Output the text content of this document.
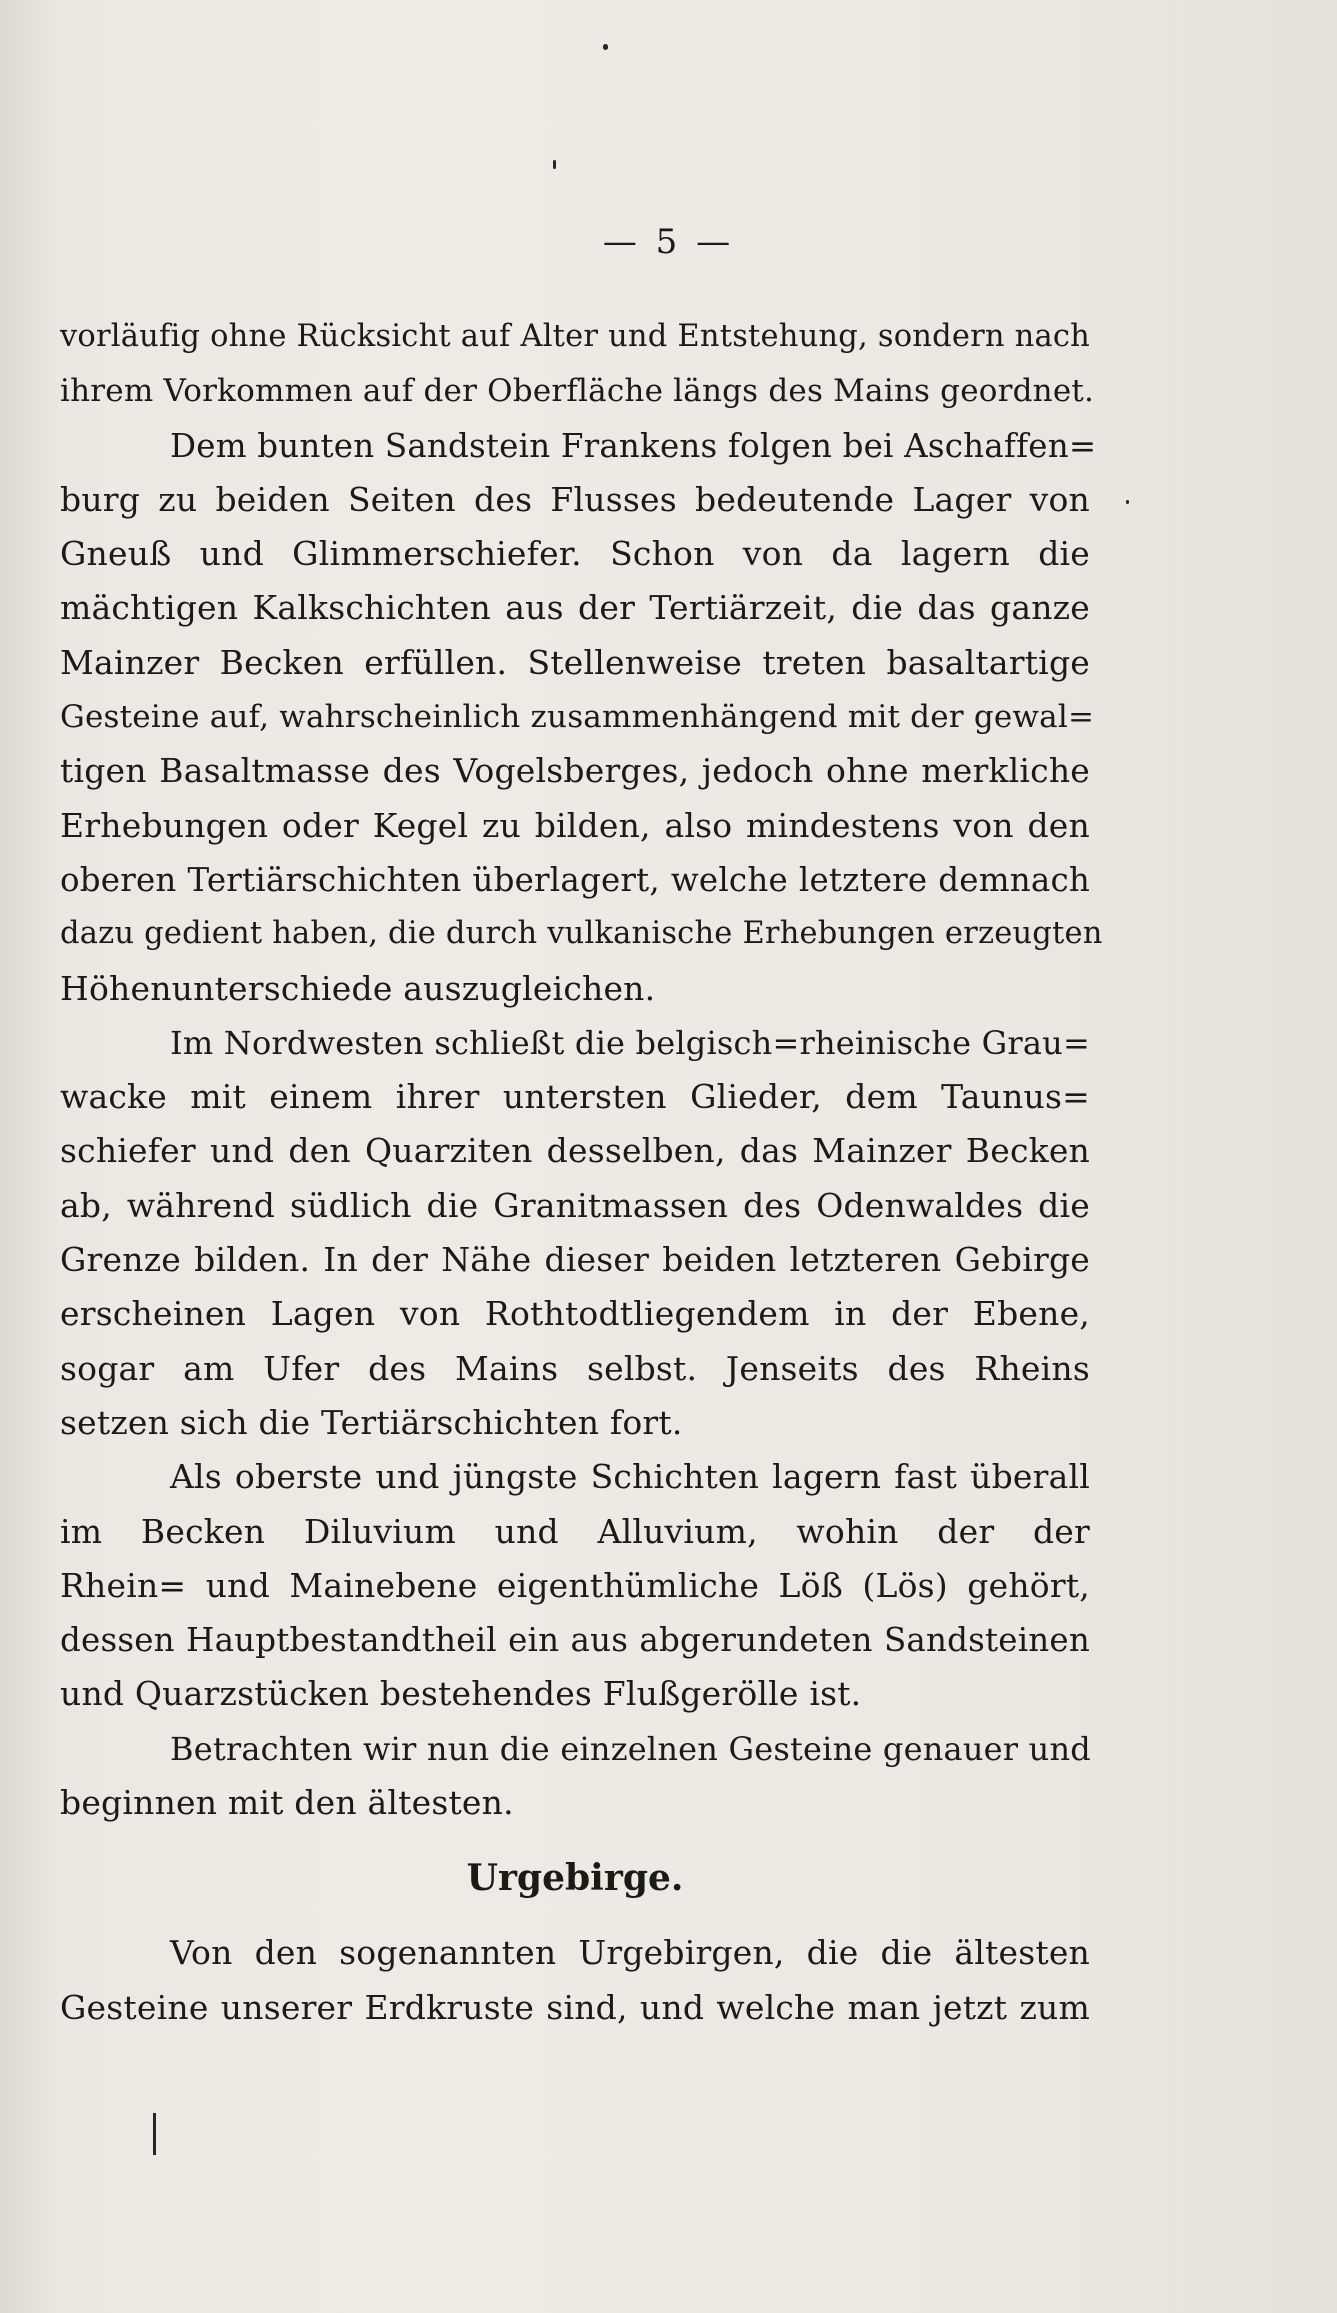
— 5 —
vorläufig ohne Rücksicht auf Alter und Entstehung, sondern nach
ihrem Vorkommen auf der Oberfläche längs des Mains geordnet.
Dem bunten Sandstein Frankens folgen bei Aschaffen=
burg zu beiden Seiten des Flusses bedeutende Lager von
Gneuß und Glimmerschiefer. Schon von da lagern die
mächtigen Kalkschichten aus der Tertiärzeit, die das ganze
Mainzer Becken erfüllen. Stellenweise treten basaltartige
Gesteine auf, wahrscheinlich zusammenhängend mit der gewal=
tigen Basaltmasse des Vogelsberges, jedoch ohne merkliche
Erhebungen oder Kegel zu bilden, also mindestens von den
oberen Tertiärschichten überlagert, welche letztere demnach
dazu gedient haben, die durch vulkanische Erhebungen erzeugten
Höhenunterschiede auszugleichen.
Im Nordwesten schließt die belgisch=rheinische Grau=
wacke mit einem ihrer untersten Glieder, dem Taunus=
schiefer und den Quarziten desselben, das Mainzer Becken
ab, während südlich die Granitmassen des Odenwaldes die
Grenze bilden. In der Nähe dieser beiden letzteren Gebirge
erscheinen Lagen von Rothtodtliegendem in der Ebene,
sogar am Ufer des Mains selbst. Jenseits des Rheins
setzen sich die Tertiärschichten fort.
Als oberste und jüngste Schichten lagern fast überall
im Becken Diluvium und Alluvium, wohin der der
Rhein= und Mainebene eigenthümliche Löß (Lös) gehört,
dessen Hauptbestandtheil ein aus abgerundeten Sandsteinen
und Quarzstücken bestehendes Flußgerölle ist.
Betrachten wir nun die einzelnen Gesteine genauer und
beginnen mit den ältesten.
Urgebirge.
Von den sogenannten Urgebirgen, die die ältesten
Gesteine unserer Erdkruste sind, und welche man jetzt zum
